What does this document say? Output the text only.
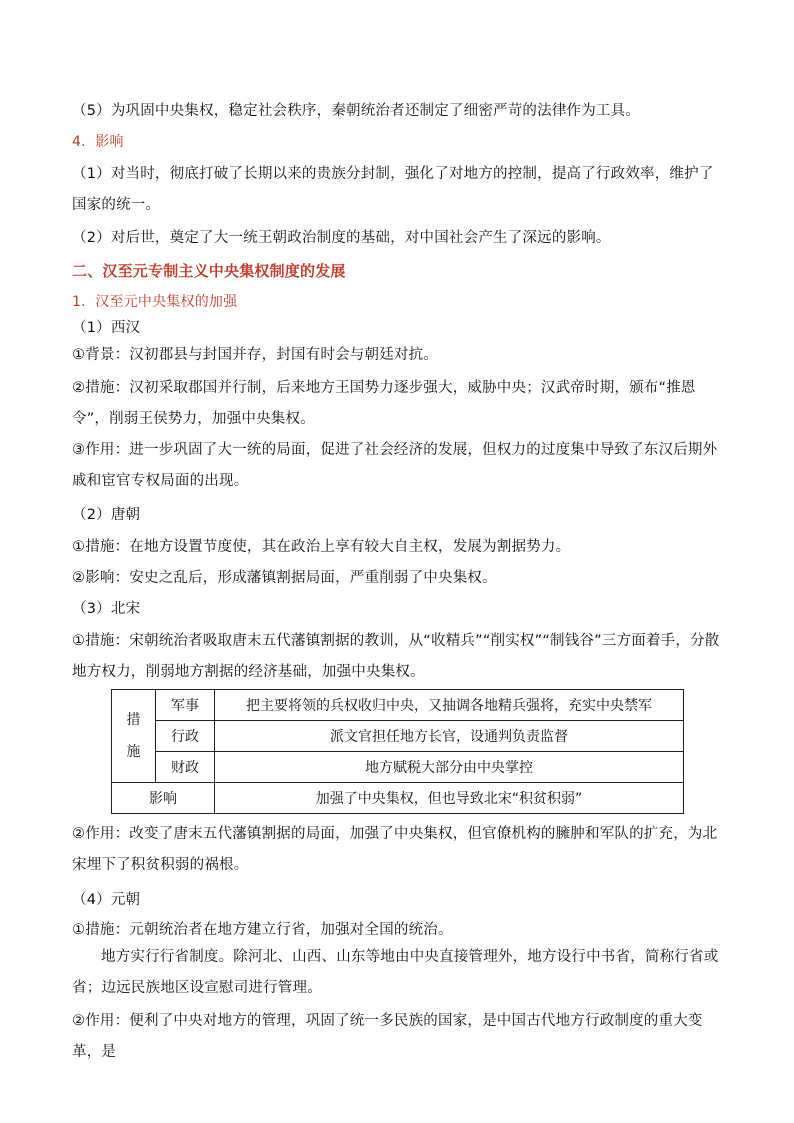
（5）为巩固中央集权，稳定社会秩序，秦朝统治者还制定了细密严苛的法律作为工具。

4．影响

（1）对当时，彻底打破了长期以来的贵族分封制，强化了对地方的控制，提高了行政效率，维护了国家的统一。

（2）对后世，奠定了大一统王朝政治制度的基础，对中国社会产生了深远的影响。

二、汉至元专制主义中央集权制度的发展

1．汉至元中央集权的加强

（1）西汉

①背景：汉初郡县与封国并存，封国有时会与朝廷对抗。

②措施：汉初采取郡国并行制，后来地方王国势力逐步强大，威胁中央；汉武帝时期，颁布“推恩令”，削弱王侯势力，加强中央集权。

③作用：进一步巩固了大一统的局面，促进了社会经济的发展，但权力的过度集中导致了东汉后期外戚和宦官专权局面的出现。

（2）唐朝

①措施：在地方设置节度使，其在政治上享有较大自主权，发展为割据势力。

②影响：安史之乱后，形成藩镇割据局面，严重削弱了中央集权。

（3）北宋

①措施：宋朝统治者吸取唐末五代藩镇割据的教训，从“收精兵”“削实权”“制钱谷”三方面着手，分散地方权力，削弱地方割据的经济基础，加强中央集权。

措施	军事	把主要将领的兵权收归中央，又抽调各地精兵强将，充实中央禁军
	行政	派文官担任地方长官，设通判负责监督
	财政	地方赋税大部分由中央掌控
影响		加强了中央集权，但也导致北宋“积贫积弱”

②作用：改变了唐末五代藩镇割据的局面，加强了中央集权，但官僚机构的臃肿和军队的扩充，为北宋埋下了积贫积弱的祸根。

（4）元朝

①措施：元朝统治者在地方建立行省，加强对全国的统治。

地方实行行省制度。除河北、山西、山东等地由中央直接管理外，地方设行中书省，简称行省或省；边远民族地区设宣慰司进行管理。

②作用：便利了中央对地方的管理，巩固了统一多民族的国家，是中国古代地方行政制度的重大变革，是
